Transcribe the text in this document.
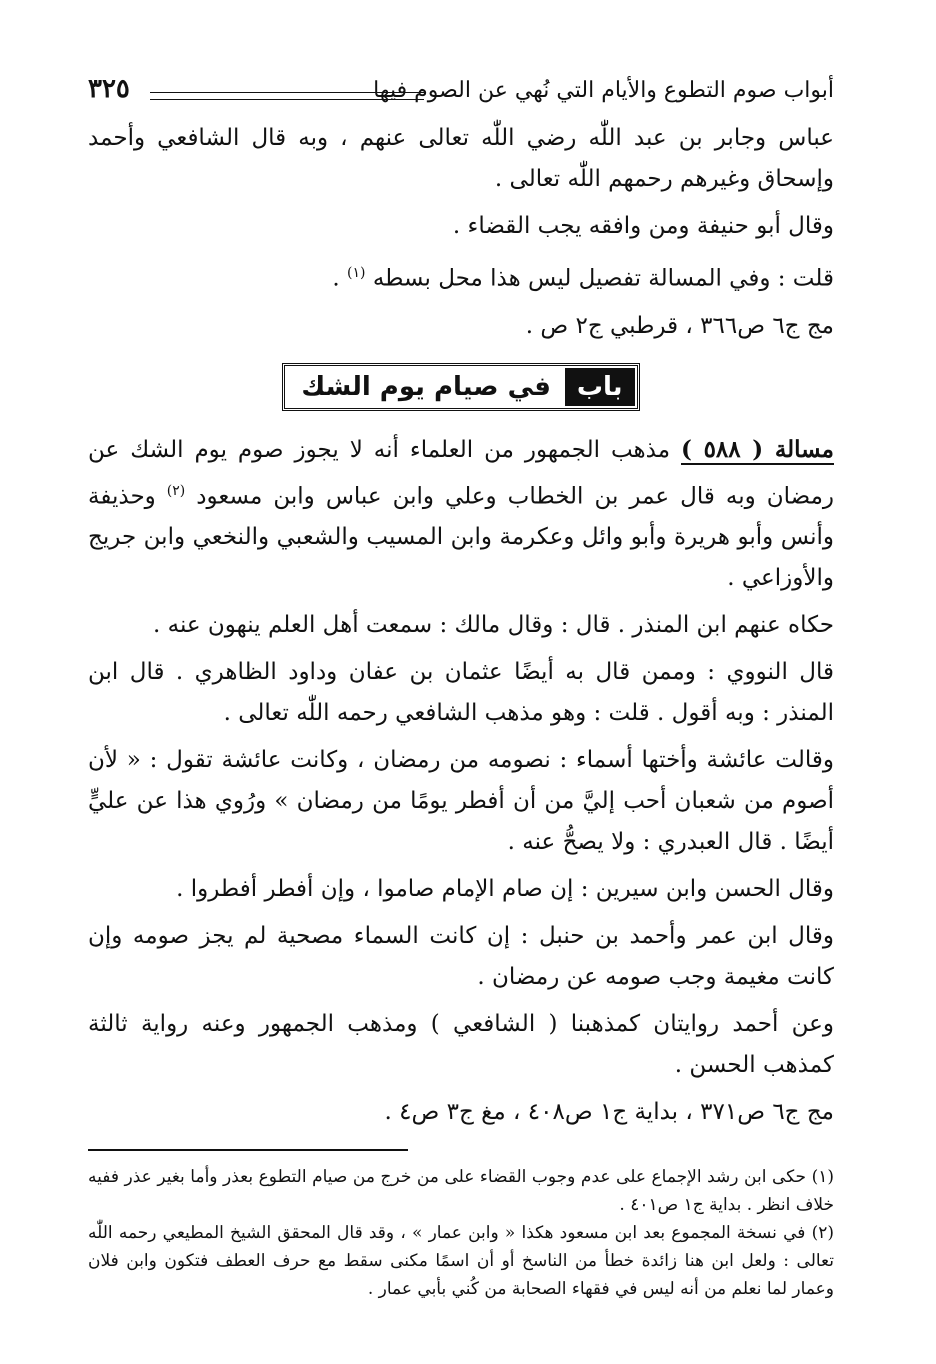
أبواب صوم التطوع والأيام التي نُهي عن الصوم فيها
٣٢٥

عباس وجابر بن عبد اللّٰه رضي اللّٰه تعالى عنهم ، وبه قال الشافعي وأحمد وإسحاق وغيرهم رحمهم اللّٰه تعالى .

وقال أبو حنيفة ومن وافقه يجب القضاء .

قلت : وفي المسالة تفصيل ليس هذا محل بسطه $^{(١)}$ .

مج ج٦ ص٣٦٦ ، قرطبي ج٢ ص .

باب
في صيام يوم الشك

مسالة ( ٥٨٨ ) مذهب الجمهور من العلماء أنه لا يجوز صوم يوم الشك عن رمضان وبه قال عمر بن الخطاب وعلي وابن عباس وابن مسعود $^{(٢)}$ وحذيفة وأنس وأبو هريرة وأبو وائل وعكرمة وابن المسيب والشعبي والنخعي وابن جريج والأوزاعي .

حكاه عنهم ابن المنذر . قال : وقال مالك : سمعت أهل العلم ينهون عنه .

قال النووي : وممن قال به أيضًا عثمان بن عفان وداود الظاهري . قال ابن المنذر : وبه أقول . قلت : وهو مذهب الشافعي رحمه اللّٰه تعالى .

وقالت عائشة وأختها أسماء : نصومه من رمضان ، وكانت عائشة تقول : « لأن أصوم من شعبان أحب إليَّ من أن أفطر يومًا من رمضان » ورُوي هذا عن عليٍّ أيضًا . قال العبدري : ولا يصحُّ عنه .

وقال الحسن وابن سيرين : إن صام الإمام صاموا ، وإن أفطر أفطروا .

وقال ابن عمر وأحمد بن حنبل : إن كانت السماء مصحية لم يجز صومه وإن كانت مغيمة وجب صومه عن رمضان .

وعن أحمد روايتان كمذهبنا ( الشافعي ) ومذهب الجمهور وعنه رواية ثالثة كمذهب الحسن .

مج ج٦ ص٣٧١ ، بداية ج١ ص٤٠٨ ، مغ ج٣ ص٤ .

(١) حكى ابن رشد الإجماع على عدم وجوب القضاء على من خرج من صيام التطوع بعذر وأما بغير عذر ففيه خلاف انظر . بداية ج١ ص٤٠١ .

(٢) في نسخة المجموع بعد ابن مسعود هكذا « وابن عمار » ، وقد قال المحقق الشيخ المطيعي رحمه اللّٰه تعالى : ولعل ابن هنا زائدة خطأ من الناسخ أو أن اسمًا مكنى سقط مع حرف العطف فتكون وابن فلان وعمار لما نعلم من أنه ليس في فقهاء الصحابة من كُني بأبي عمار .
